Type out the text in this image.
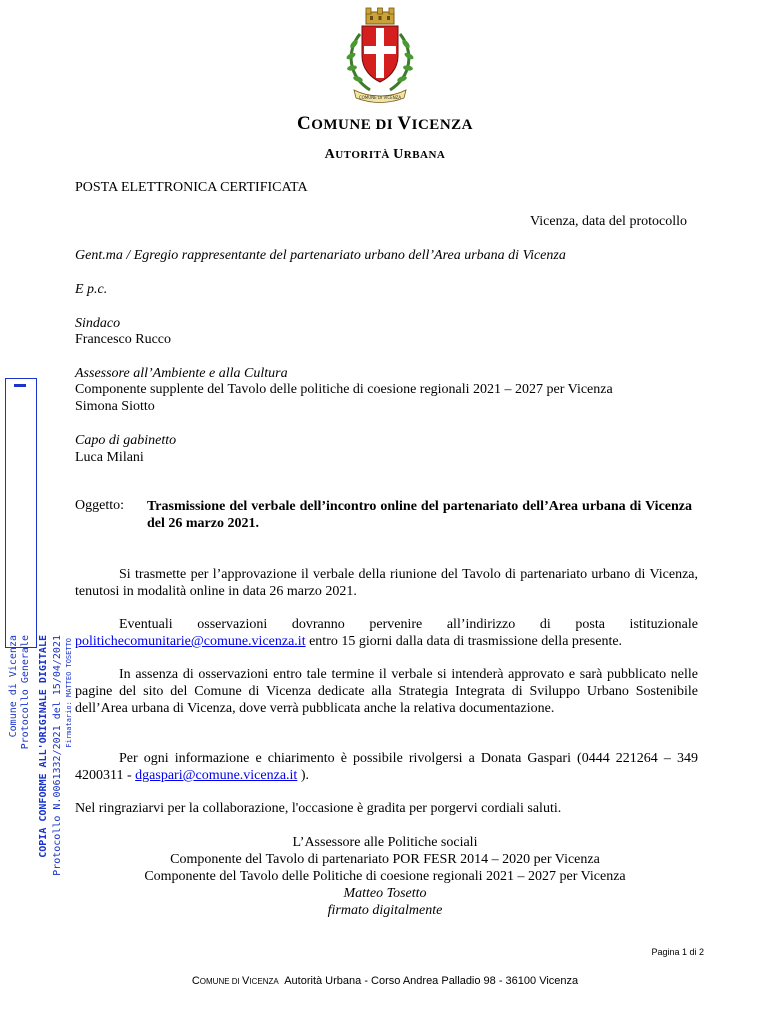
COMUNE DI VICENZA
COMUNE DI VICENZA
AUTORITÀ URBANA
POSTA ELETTRONICA CERTIFICATA
Vicenza, data del protocollo
Gent.ma / Egregio rappresentante del partenariato urbano dell’Area urbana di Vicenza
E p.c.
Sindaco
Francesco Rucco
Assessore all’Ambiente e alla Cultura
Componente supplente del Tavolo delle politiche di coesione regionali 2021 – 2027 per Vicenza
Simona Siotto
Capo di gabinetto
Luca Milani
Oggetto: Trasmissione del verbale dell’incontro online del partenariato dell’Area urbana di Vicenza del 26 marzo 2021.
Si trasmette per l’approvazione il verbale della riunione del Tavolo di partenariato urbano di Vicenza, tenutosi in modalità online in data 26 marzo 2021.
Eventuali osservazioni dovranno pervenire all’indirizzo di posta istituzionale politichecomunitarie@comune.vicenza.it entro 15 giorni dalla data di trasmissione della presente.
In assenza di osservazioni entro tale termine il verbale si intenderà approvato e sarà pubblicato nelle pagine del sito del Comune di Vicenza dedicate alla Strategia Integrata di Sviluppo Urbano Sostenibile dell’Area urbana di Vicenza, dove verrà pubblicata anche la relativa documentazione.
Per ogni informazione e chiarimento è possibile rivolgersi a Donata Gaspari (0444 221264 – 349 4200311 - dgaspari@comune.vicenza.it ).
Nel ringraziarvi per la collaborazione, l'occasione è gradita per porgervi cordiali saluti.
L’Assessore alle Politiche sociali
Componente del Tavolo di partenariato POR FESR 2014 – 2020 per Vicenza
Componente del Tavolo delle Politiche di coesione regionali 2021 – 2027 per Vicenza
Matteo Tosetto
firmato digitalmente
Pagina 1 di 2
COMUNE DI VICENZA Autorità Urbana - Corso Andrea Palladio 98 - 36100 Vicenza
Comune di Vicenza Protocollo Generale COPIA CONFORME ALL'ORIGINALE DIGITALE Protocollo N.0061332/2021 del 15/04/2021 Firmatario: MATTEO TOSETTO
